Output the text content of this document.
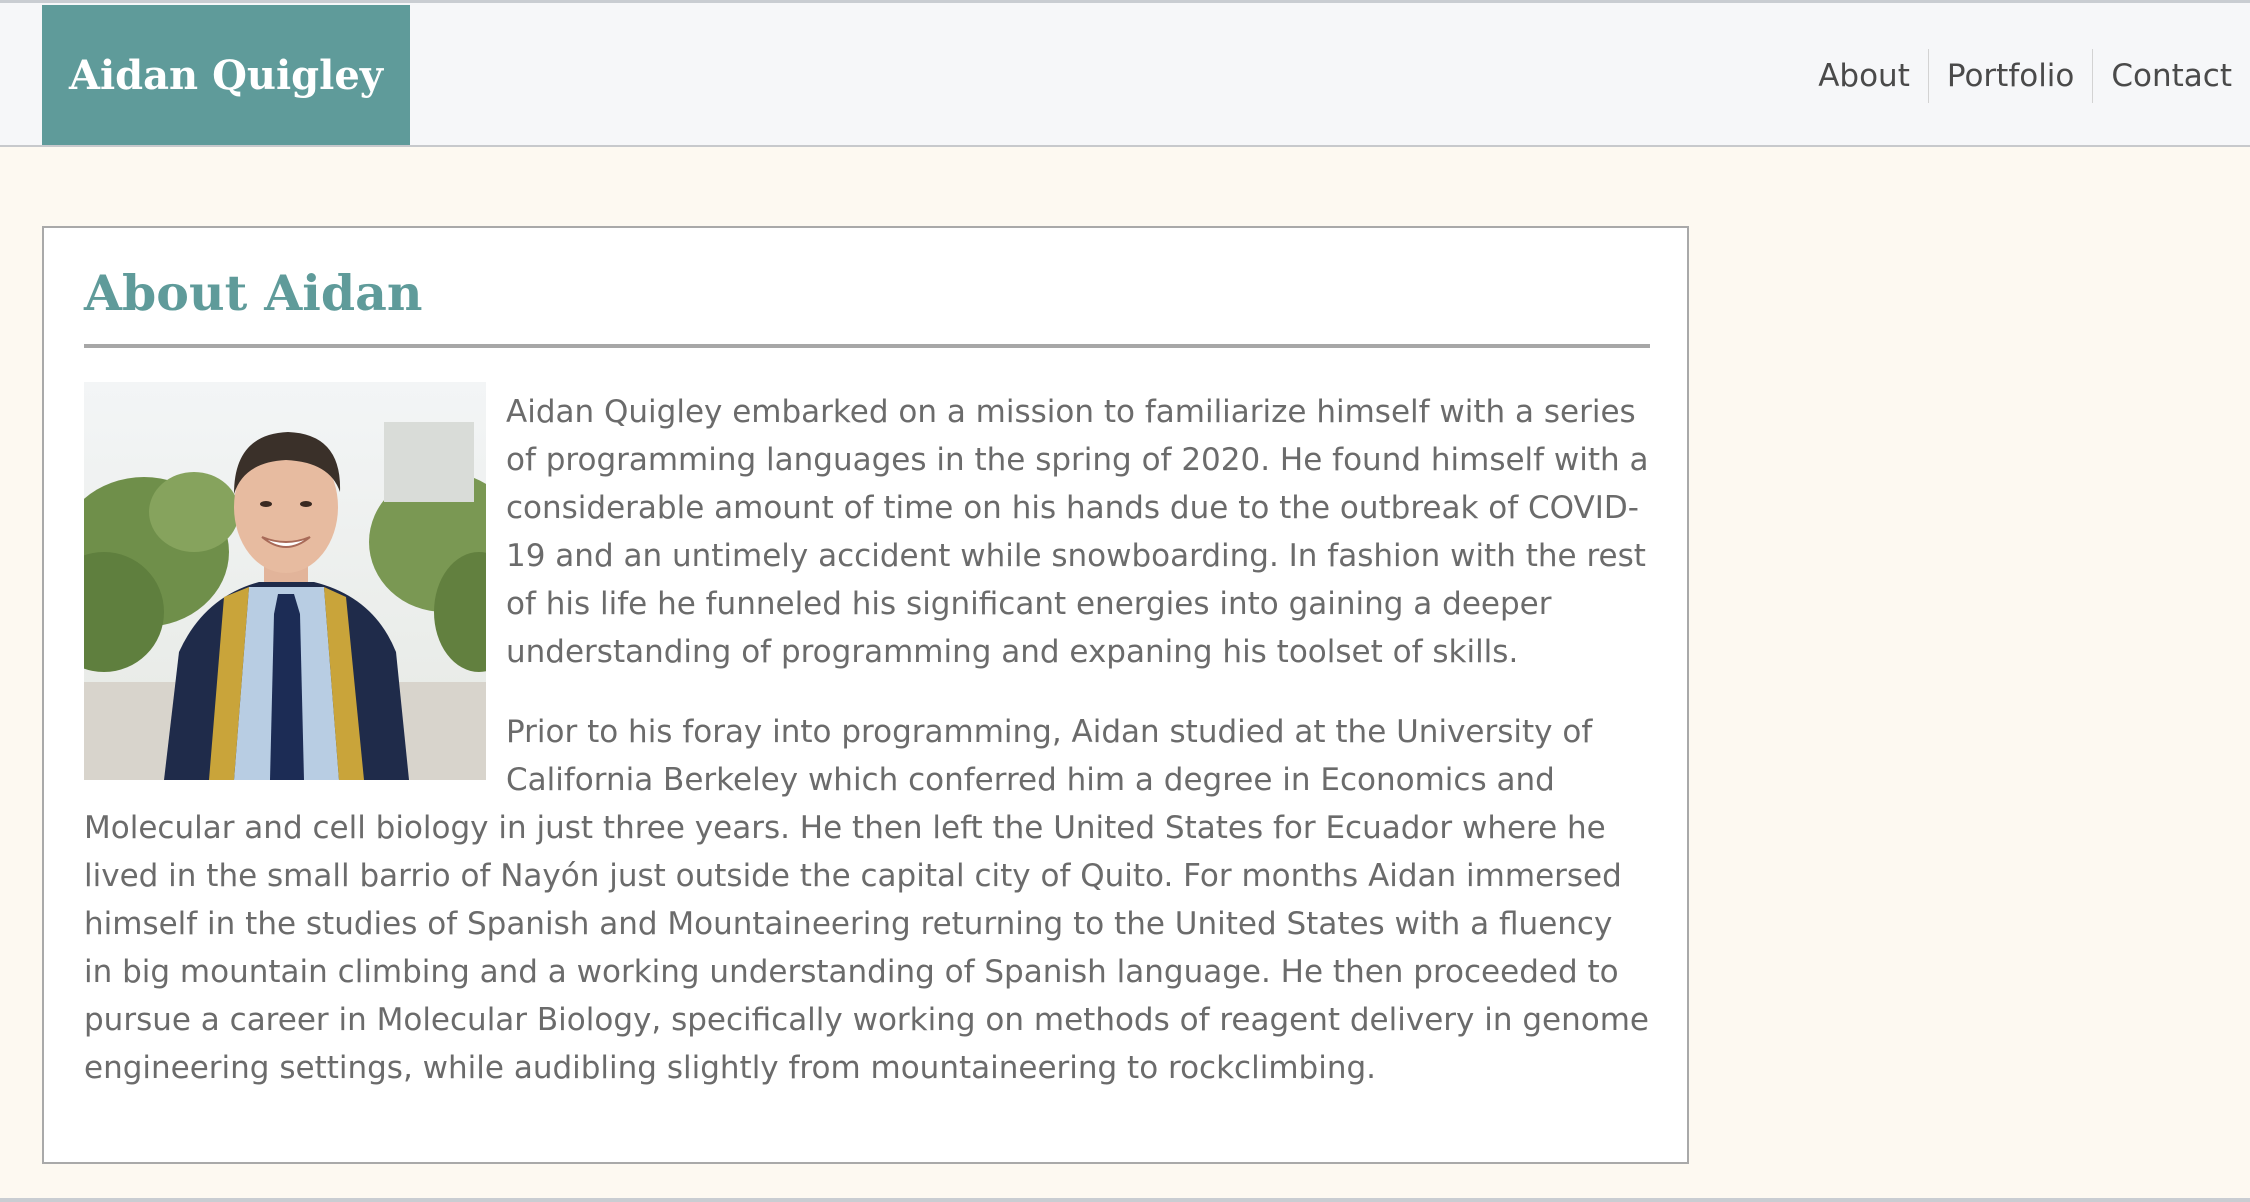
Aidan Quigley	About	Portfolio	Contact
About Aidan

Aidan Quigley embarked on a mission to familiarize himself with a series of programming languages in the spring of 2020. He found himself with a considerable amount of time on his hands due to the outbreak of COVID-19 and an untimely accident while snowboarding. In fashion with the rest of his life he funneled his significant energies into gaining a deeper understanding of programming and expaning his toolset of skills.

Prior to his foray into programming, Aidan studied at the University of California Berkeley which conferred him a degree in Economics and Molecular and cell biology in just three years. He then left the United States for Ecuador where he lived in the small barrio of Nayón just outside the capital city of Quito. For months Aidan immersed himself in the studies of Spanish and Mountaineering returning to the United States with a fluency in big mountain climbing and a working understanding of Spanish language. He then proceeded to pursue a career in Molecular Biology, specifically working on methods of reagent delivery in genome engineering settings, while audibling slightly from mountaineering to rockclimbing.
